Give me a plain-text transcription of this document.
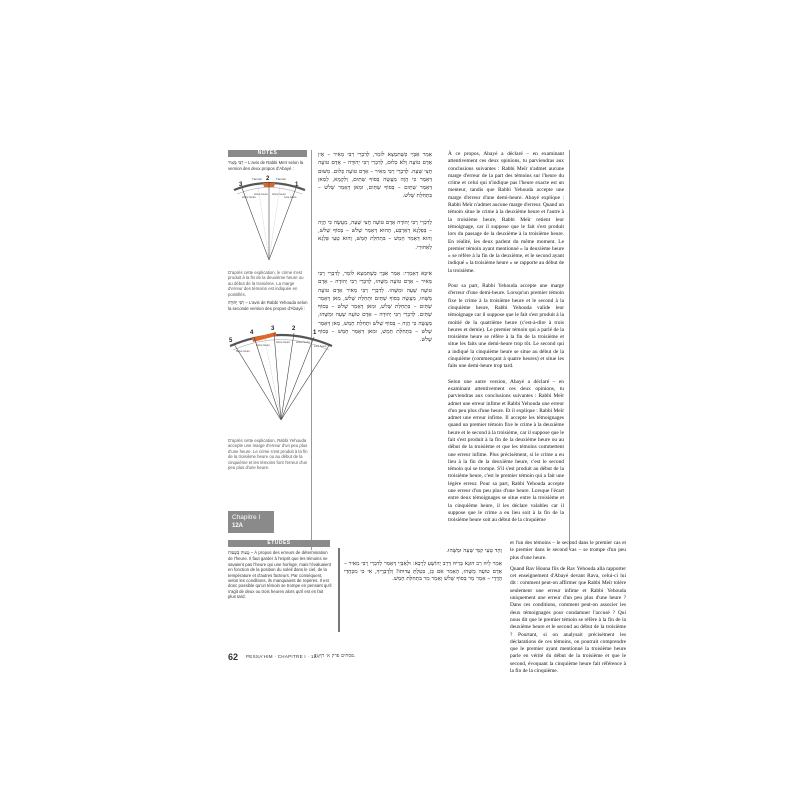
NOTES
רַבִּי מֵאִיר – L'avis de Rabbi Meïr selon la version des deux propos d'Abayé :
3
2
1
Témoin	Témoin
2ème heure 3ème heure
1ère heure
2ème heure
D'après cette explication, le crime s'est produit à la fin de la deuxième heure ou au début de la troisième. La marge d'erreur des témoins est indiquée en pointillés.
רַבִּי יְהוּדָה – L'avis de Rabbi Yehouda selon la seconde version des propos d'Abayé :
5
4
3	2
1
5ème heure
4ème heure
3ème heure 2ème heure
1ère heure
D'après cette explication, Rabbi Yehouda accepte une marge d'erreur d'un peu plus d'une heure. Le crime s'est produit à la fin de la troisième heure ou au début de la cinquième et les témoins font l'erreur d'un peu plus d'une heure.
Chapitre I
12A
ETUDES
טָעוּת בְּשָׁעוֹת – À propos des erreurs de détermination de l'heure. Il faut garder à l'esprit que les témoins ne savaient pas l'heure qui une horloge, mais l'évaluaient en fonction de la position du soleil dans le ciel, de la température et d'autres facteurs. Par conséquent, selon les conditions, ils manquaient de repères. Il est donc possible qu'un témoin se trompe en pensant qu'il s'agit de deux ou trois heures alors qu'il est en fait plus tard.

אָמַר אַבָּיֵי כְּשֶׁתִּמְצָא לוֹמַר, לְדִבְרֵי רַבִּי מֵאִיר – אֵין אָדָם טוֹעֶה וְלֹא כְלוּם, לְדִבְרֵי רַבִּי יְהוּדָה – אָדָם טוֹעֶה חֲצִי שָׁעָה. לְדִבְרֵי רַבִּי מֵאִיר – אָדָם טוֹעֶה כְּלוּם. מִשּׁוּם דְּאָמַר כִּי הֲוָה מַעֲשֶׂה בְּסוֹף שְׁתַּיִם, וְלִקְמָא, לְמַאן דְּאָמַר שְׁתַּיִם – בְּסוֹף שְׁתַּיִם, וּמַאן דְּאָמַר שָׁלֹשׁ – בִּתְחִלַּת שָׁלֹשׁ.

לְדִבְרֵי רַבִּי יְהוּדָה אָדָם טוֹעֶה חֲצִי שָׁעָה, מַעֲשֶׂה כִּי הֲוָה – בְּפַלְגָא דְאַרְבַּע, הָהוּא דְּאָמַר שָׁלֹשׁ – בְּסוֹף שָׁלֹשׁ, וְהוּא דְּאָמַר חָמֵשׁ – בִּתְחִלַּת חָמֵשׁ, וְהוּא טָעֵי פַּלְגָא לְאַחוּרֵי.

אִיכָּא דְאָמְרִי: אָמַר אַבָּיֵי כְּשֶׁתִּמְצָא לוֹמַר, לְדִבְרֵי רַבִּי מֵאִיר – אָדָם טוֹעֶה מַשֶּׁהוּ, לְדִבְרֵי רַבִּי יְהוּדָה – אָדָם טוֹעֶה שָׁעָה וּמַשֶּׁהוּ. לְדִבְרֵי רַבִּי מֵאִיר אָדָם טוֹעֶה מַשֶּׁהוּ, מַעֲשֶׂה בְּסוֹף שְׁתַּיִם וּתְחִלַּת שָׁלֹשׁ, מַאן דְּאָמַר שְׁתַּיִם – בִּתְחִלַּת שָׁלֹשׁ, וּמַאן דְּאָמַר שָׁלֹשׁ – בְּסוֹף שְׁתַּיִם. לְדִבְרֵי רַבִּי יְהוּדָה – אָדָם טוֹעֶה שָׁעָה וּמַשֶּׁהוּ, מַעֲשֶׂה כִּי הֲוָה – בְּסוֹף שָׁלֹשׁ וּתְחִלַּת חָמֵשׁ, מַאן דְּאָמַר שָׁלֹשׁ – בִּתְחִלַּת חָמֵשׁ, וּמַאן דְּאָמַר חָמֵשׁ – בְּסוֹף שָׁלֹשׁ.

וְהָד טָעֵי קַמֵּי שָׁעָה וּמַשֶּׁהוּ.

אָמַר לֵיהּ רַב הוּנָא בְּרֵיהּ דְּרַב יְהוֹשֻׁעַ לְרָבָא: וּלְאַבָּיֵי דְּאָמַר לְדִבְרֵי רַבִּי מֵאִיר – אָדָם טוֹעֶה מַשֶּׁהוּ, הָאָמַר אִם כֵּן, בִּטַּלְתָּ עֵדוּתוֹ! וְלִדְבָרֶיךָ, אִי כִּי מַכְּחֲדֵי הָדָדֵי – אָמַר מַר בְּסוֹף שָׁלֹשׁ וְאָמַר מַר בִּתְחִלַּת חָמֵשׁ.

À ce propos, Abayé a déclaré – en examinant attentivement ces deux opinions, tu parviendras aux conclusions suivantes : Rabbi Meïr n'admet aucune marge d'erreur de la part des témoins sur l'heure du crime et celui qui n'indique pas l'heure exacte est un menteur, tandis que Rabbi Yehouda accepte une marge d'erreur d'une demi-heure. Abayé explique : Rabbi Meïr n'admet aucune marge d'erreur. Quand un témoin situe le crime à la deuxième heure et l'autre à la troisième heure, Rabbi Meïr retient leur témoignage, car il suppose que le fait s'est produit lors du passage de la deuxième à la troisième heure. En réalité, les deux parlent du même moment. Le premier témoin ayant mentionné « la deuxième heure » se réfère à la fin de la deuxième, et le second ayant indiqué « la troisième heure » se rapporte au début de la troisième.

Pour sa part, Rabbi Yehouda accepte une marge d'erreur d'une demi-heure. Lorsqu'un premier témoin fixe le crime à la troisième heure et le second à la cinquième heure, Rabbi Yehouda valide leur témoignage car il suppose que le fait s'est produit à la moitié de la quatrième heure (c'est-à-dire à trois heures et demie). Le premier témoin qui a parlé de la troisième heure se réfère à la fin de la troisième et situe les faits une demi-heure trop tôt. Le second qui a indiqué la cinquième heure se situe au début de la cinquième (commençant à quatre heures) et situe les faits une demi-heure trop tard.

Selon une autre version, Abayé a déclaré – en examinant attentivement ces deux opinions, tu parviendras aux conclusions suivantes : Rabbi Meïr admet une erreur infime et Rabbi Yehouda une erreur d'un peu plus d'une heure. Et il explique : Rabbi Meïr admet une erreur infime. Il accepte les témoignages quand un premier témoin fixe le crime à la deuxième heure et le second à la troisième, car il suppose que le fait s'est produit à la fin de la deuxième heure ou au début de la troisième et que les témoins commettent une erreur infime. Plus précisément, si le crime a eu lieu à la fin de la deuxième heure, c'est le second témoin qui se trompe. S'il s'est produit au début de la troisième heure, c'est le premier témoin qui a fait une légère erreur. Pour sa part, Rabbi Yehouda accepte une erreur d'un peu plus d'une heure. Lorsque l'écart entre deux témoignages se situe entre la troisième et la cinquième heure, il les déclare valables car il suppose que le crime a eu lieu soit à la fin de la troisième heure soit au début de la cinquième

et l'un des témoins – le second dans le premier cas et le premier dans le second cas – se trompe d'un peu plus d'une heure.

Quand Rav Houna fils de Rav Yehouda alla rapporter cet enseignement d'Abayé devant Rava, celui-ci lui dit : comment peut-on affirmer que Rabbi Meïr tolère seulement une erreur infime et Rabbi Yehouda uniquement une erreur d'un peu plus d'une heure ? Dans ces conditions, comment peut-on associer les deux témoignages pour condamner l'accusé ? Qui nous dit que le premier témoin se réfère à la fin de la deuxième heure et le second au début de la troisième ? Pourtant, si on analysait précisément les déclarations de ces témoins, on pourrait comprendre que le premier ayant mentionné la troisième heure parle en vérité du début de la troisième et que le second, évoquant la cinquième heure fait référence à la fin de la cinquième.

62 PESSA'HIM · CHAPITRE I · 12A
פסחים פרק א׳ דף יב.
